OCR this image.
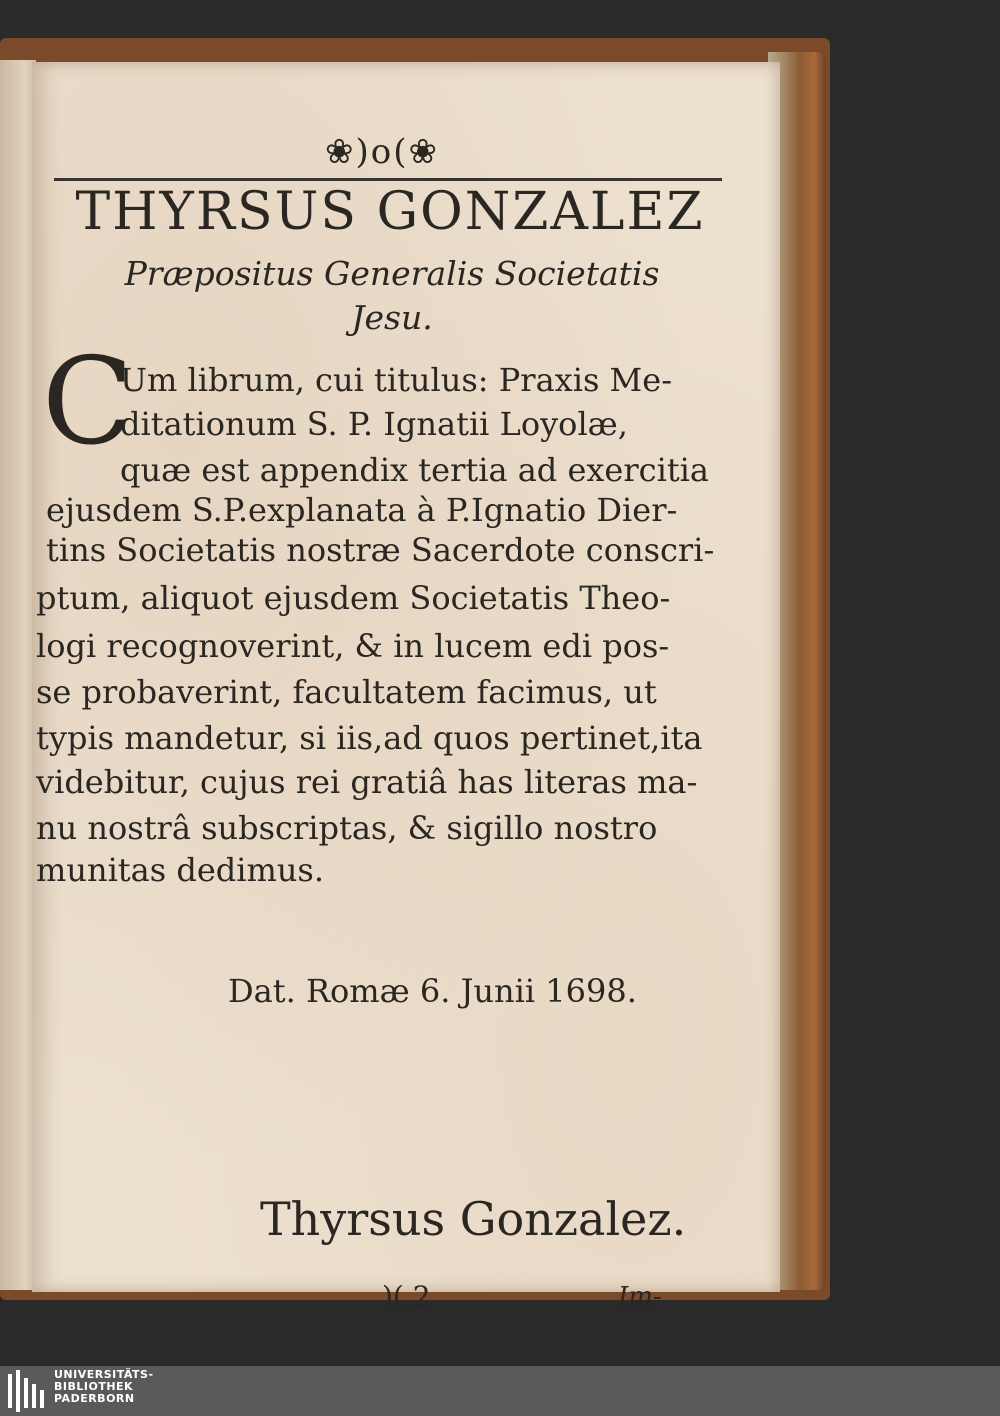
❀)o(❀
THYRSUS GONZALEZ
Præpositus Generalis Societatis
Jesu.
C
Um librum, cui titulus: Praxis Me-
ditationum S. P. Ignatii Loyolæ,
quæ est appendix tertia ad exercitia
ejusdem S.P.explanata à P.Ignatio Dier-
tins Societatis nostræ Sacerdote conscri-
ptum, aliquot ejusdem Societatis Theo-
logi recognoverint, & in lucem edi pos-
se probaverint, facultatem facimus, ut
typis mandetur, si iis,ad quos pertinet,ita
videbitur, cujus rei gratiâ has literas ma-
nu nostrâ subscriptas, & sigillo nostro
munitas dedimus.
Dat. Romæ 6. Junii 1698.
Thyrsus Gonzalez.
)( 2	Im-
UNIVERSITÄTS-
BIBLIOTHEK
PADERBORN
